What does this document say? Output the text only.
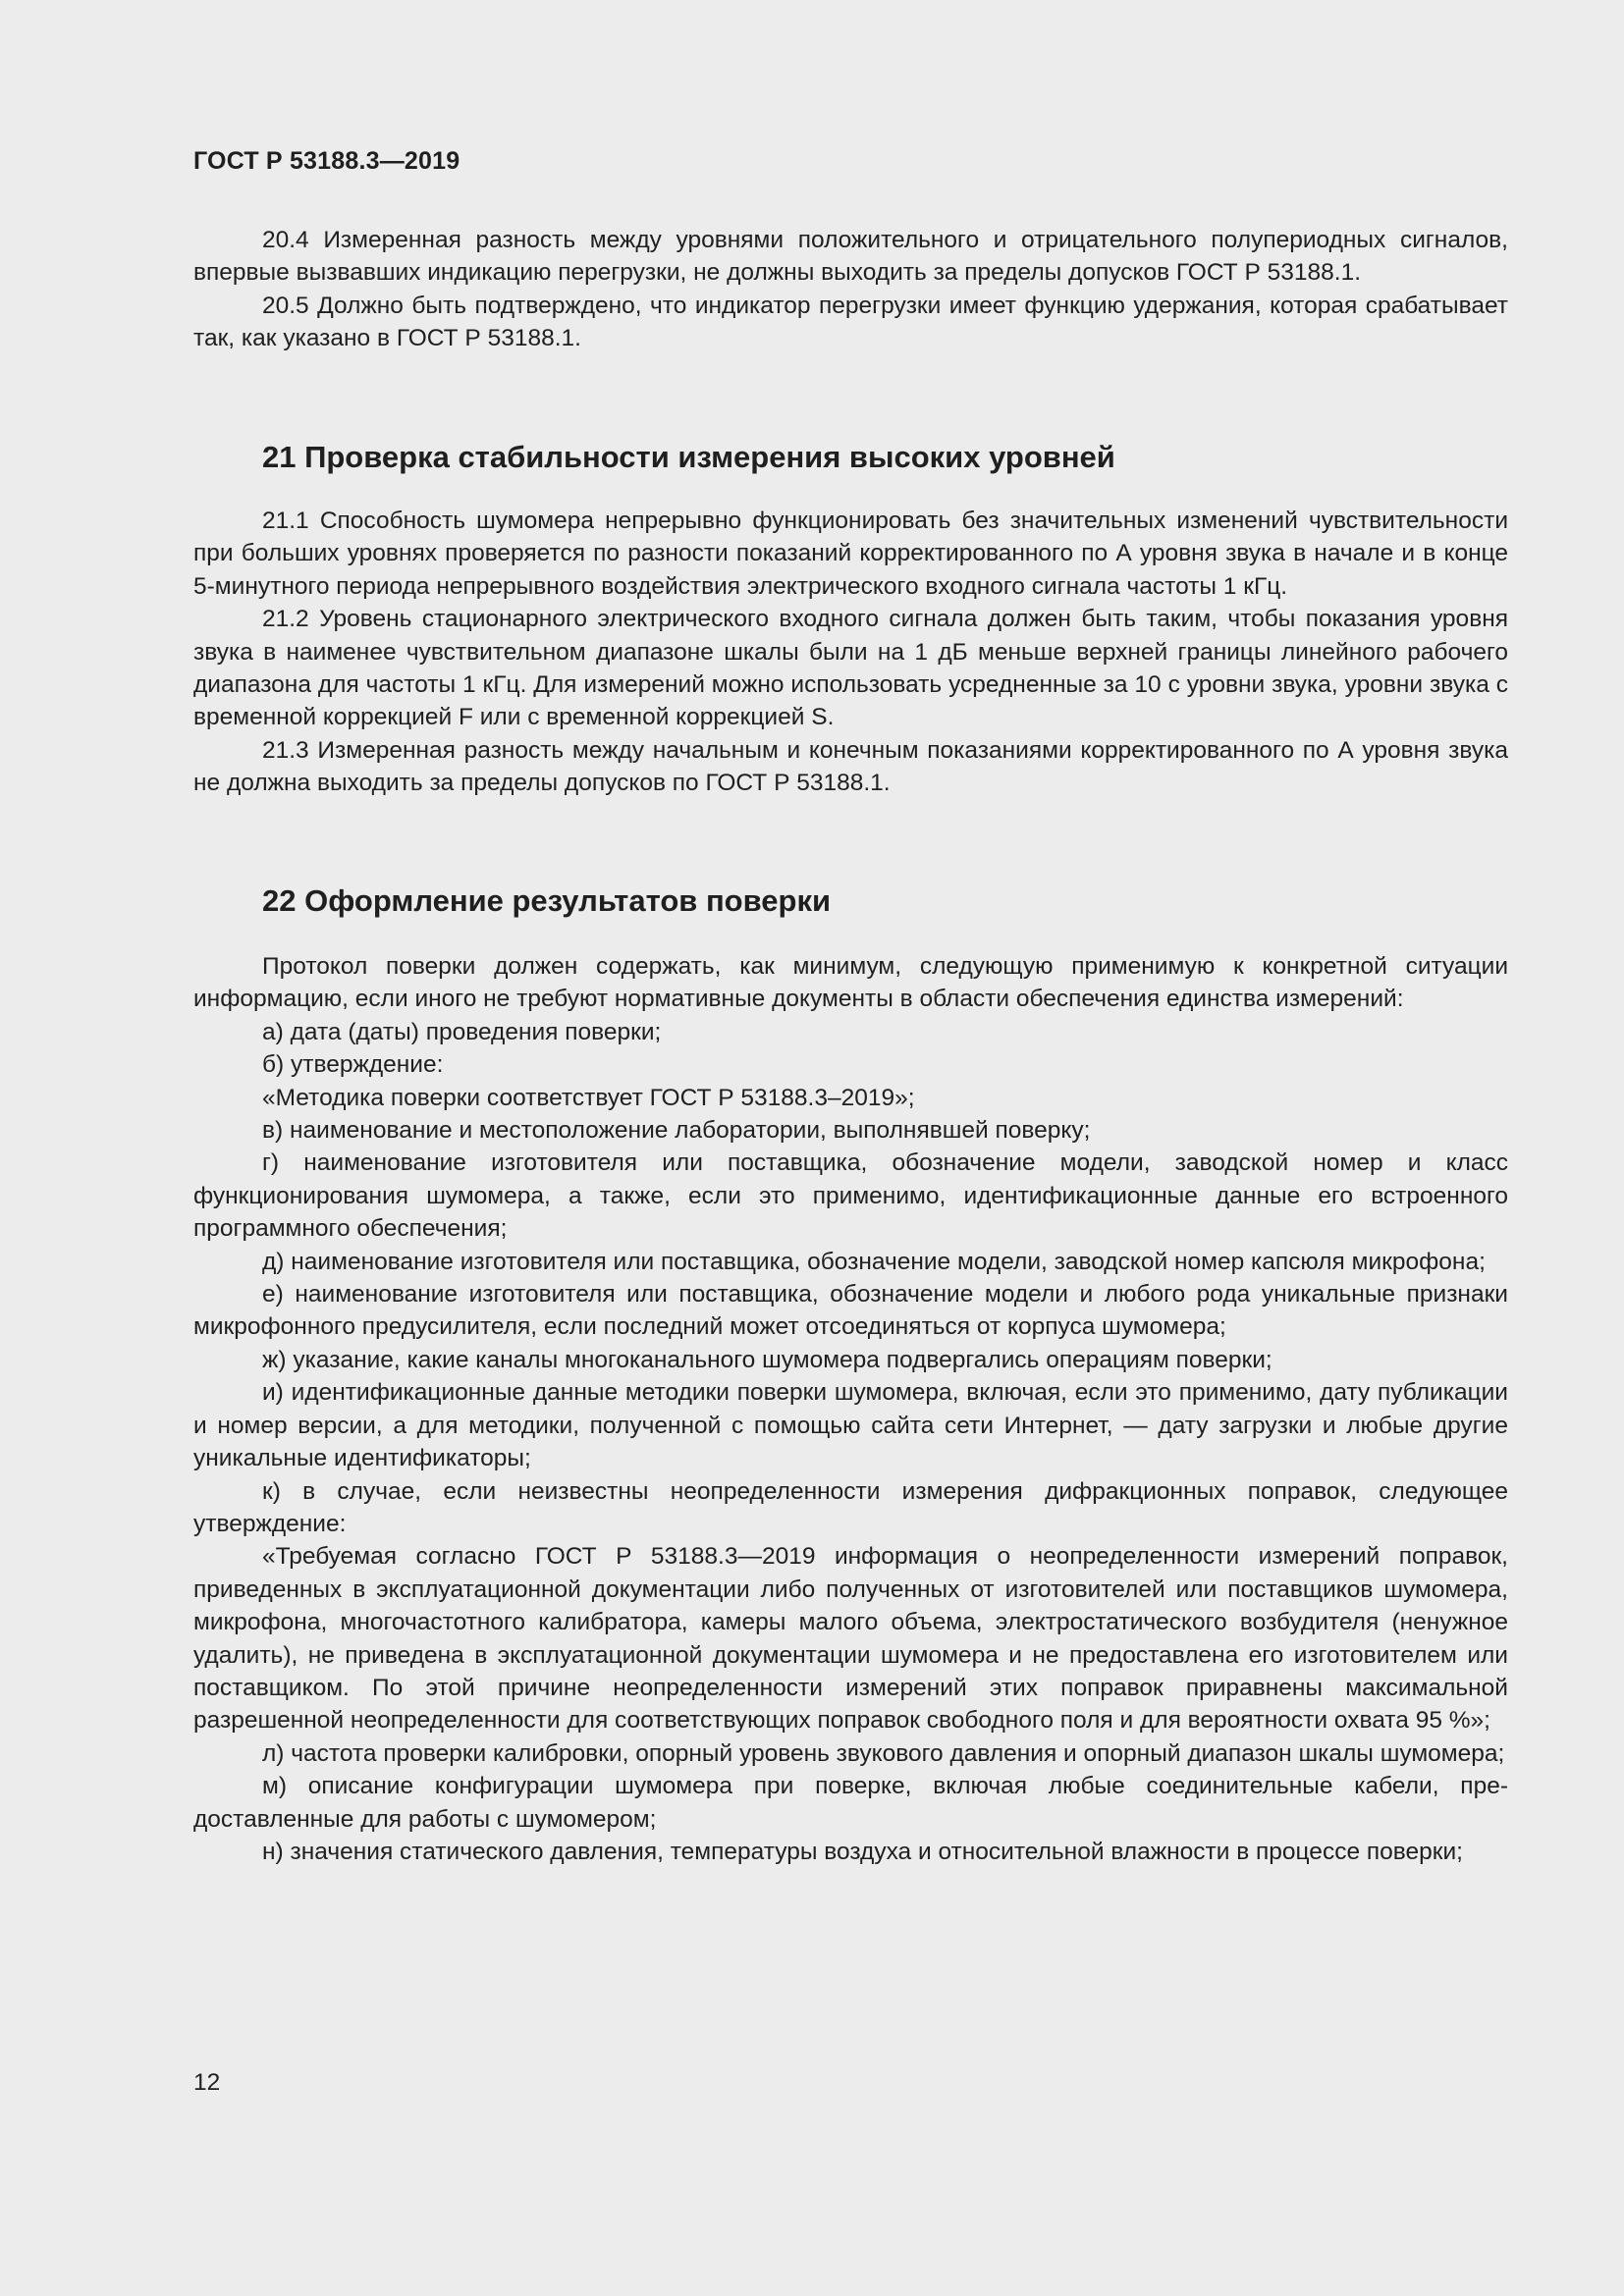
ГОСТ Р 53188.3—2019

20.4 Измеренная разность между уровнями положительного и отрицательного полупериодных сигналов, впервые вызвавших индикацию перегрузки, не должны выходить за пределы допусков ГОСТ Р 53188.1.

20.5 Должно быть подтверждено, что индикатор перегрузки имеет функцию удержания, которая срабатывает так, как указано в ГОСТ Р 53188.1.

21 Проверка стабильности измерения высоких уровней

21.1 Способность шумомера непрерывно функционировать без значительных изменений чувствительности при больших уровнях проверяется по разности показаний корректированного по А уровня звука в начале и в конце 5-минутного периода непрерывного воздействия электрического входного сигнала частоты 1 кГц.

21.2 Уровень стационарного электрического входного сигнала должен быть таким, чтобы показания уровня звука в наименее чувствительном диапазоне шкалы были на 1 дБ меньше верхней границы линейного рабочего диапазона для частоты 1 кГц. Для измерений можно использовать усредненные за 10 с уровни звука, уровни звука с временной коррекцией F или с временной коррекцией S.

21.3 Измеренная разность между начальным и конечным показаниями корректированного по А уровня звука не должна выходить за пределы допусков по ГОСТ Р 53188.1.

22 Оформление результатов поверки

Протокол поверки должен содержать, как минимум, следующую применимую к конкретной ситуации информацию, если иного не требуют нормативные документы в области обеспечения единства измерений:

а) дата (даты) проведения поверки;

б) утверждение:

«Методика поверки соответствует ГОСТ Р 53188.3–2019»;

в) наименование и местоположение лаборатории, выполнявшей поверку;

г) наименование изготовителя или поставщика, обозначение модели, заводской номер и класс функционирования шумомера, а также, если это применимо, идентификационные данные его встроенного программного обеспечения;

д) наименование изготовителя или поставщика, обозначение модели, заводской номер капсюля микрофона;

е) наименование изготовителя или поставщика, обозначение модели и любого рода уникальные признаки микрофонного предусилителя, если последний может отсоединяться от корпуса шумомера;

ж) указание, какие каналы многоканального шумомера подвергались операциям поверки;

и) идентификационные данные методики поверки шумомера, включая, если это применимо, дату публикации и номер версии, а для методики, полученной с помощью сайта сети Интернет, — дату загрузки и любые другие уникальные идентификаторы;

к) в случае, если неизвестны неопределенности измерения дифракционных поправок, следующее утверждение:

«Требуемая согласно ГОСТ Р 53188.3—2019 информация о неопределенности измерений поправок, приведенных в эксплуатационной документации либо полученных от изготовителей или поставщиков шумомера, микрофона, многочастотного калибратора, камеры малого объема, электростатического возбудителя (ненужное удалить), не приведена в эксплуатационной документации шумомера и не предоставлена его изготовителем или поставщиком. По этой причине неопределенности измерений этих поправок приравнены максимальной разрешенной неопределенности для соответствующих поправок свободного поля и для вероятности охвата 95 %»;

л) частота проверки калибровки, опорный уровень звукового давления и опорный диапазон шкалы шумомера;

м) описание конфигурации шумомера при поверке, включая любые соединительные кабели, предоставленные для работы с шумомером;

н) значения статического давления, температуры воздуха и относительной влажности в процессе поверки;

12
